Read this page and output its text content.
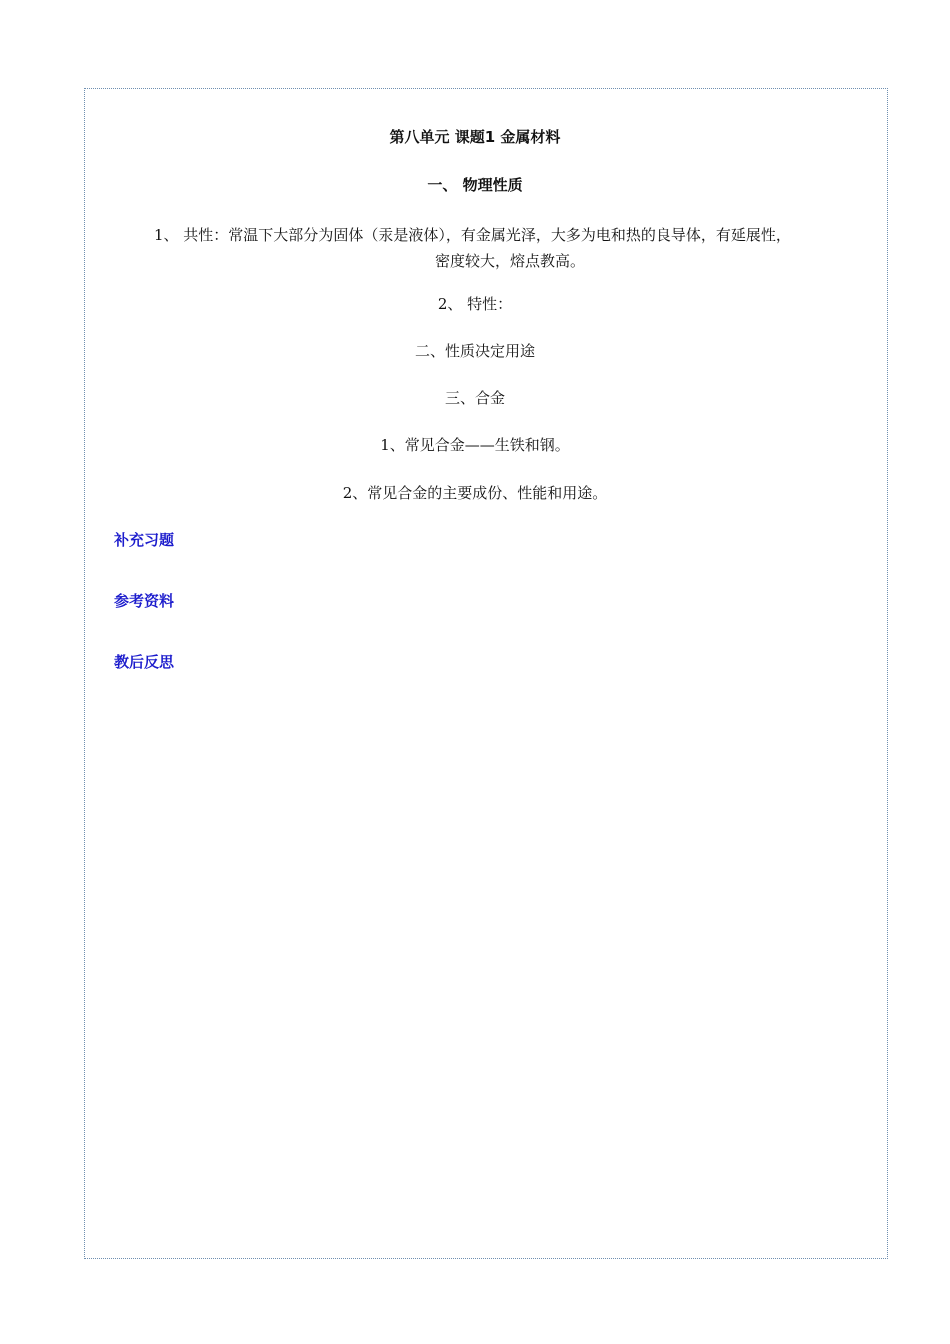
第八单元 课题1 金属材料
一、 物理性质
1、 共性：常温下大部分为固体（汞是液体），有金属光泽，大多为电和热的良导体，有延展性，
密度较大，熔点教高。
2、 特性：
二、性质决定用途
三、合金
1、常见合金——生铁和钢。
2、常见合金的主要成份、性能和用途。
补充习题
参考资料
教后反思
